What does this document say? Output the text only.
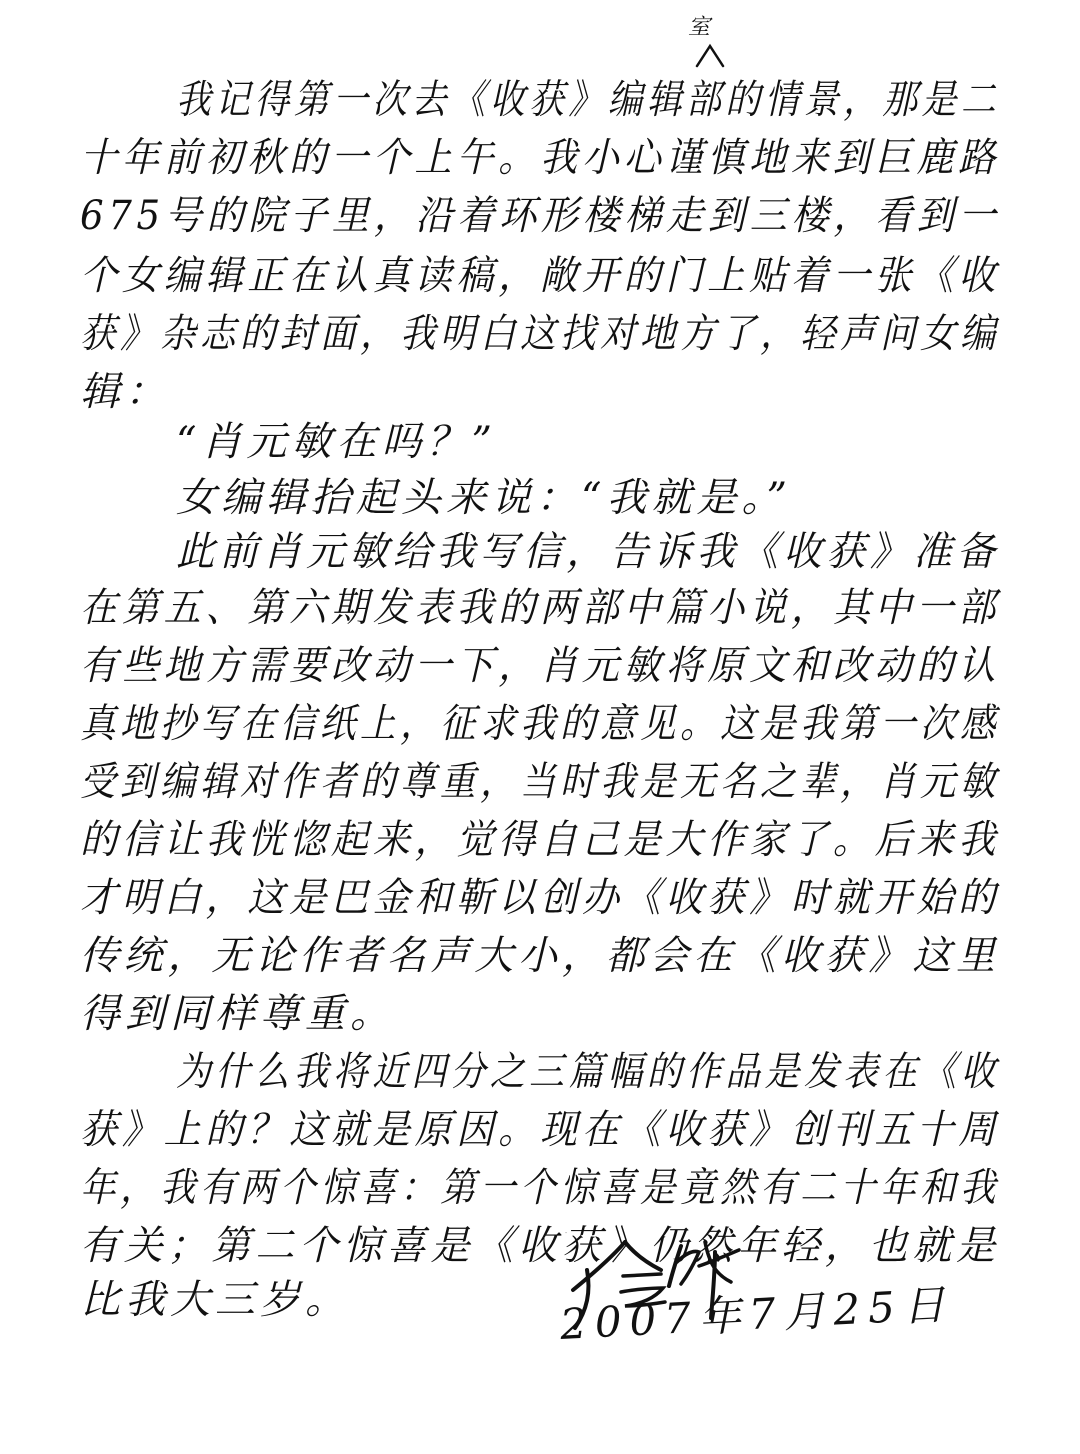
室
我记得第一次去《收获》编辑部的情景，那是二
十年前初秋的一个上午。我小心谨慎地来到巨鹿路
675号的院子里，沿着环形楼梯走到三楼，看到一
个女编辑正在认真读稿，敞开的门上贴着一张《收
获》杂志的封面，我明白这找对地方了，轻声问女编
辑：
“肖元敏在吗？”
女编辑抬起头来说：“我就是。”
此前肖元敏给我写信，告诉我《收获》准备
在第五、第六期发表我的两部中篇小说，其中一部
有些地方需要改动一下，肖元敏将原文和改动的认
真地抄写在信纸上，征求我的意见。这是我第一次感
受到编辑对作者的尊重，当时我是无名之辈，肖元敏
的信让我恍惚起来，觉得自己是大作家了。后来我
才明白，这是巴金和靳以创办《收获》时就开始的
传统，无论作者名声大小，都会在《收获》这里
得到同样尊重。
为什么我将近四分之三篇幅的作品是发表在《收
获》上的？这就是原因。现在《收获》创刊五十周
年，我有两个惊喜：第一个惊喜是竟然有二十年和我
有关；第二个惊喜是《收获》仍然年轻，也就是
比我大三岁。	2007年7月25日
